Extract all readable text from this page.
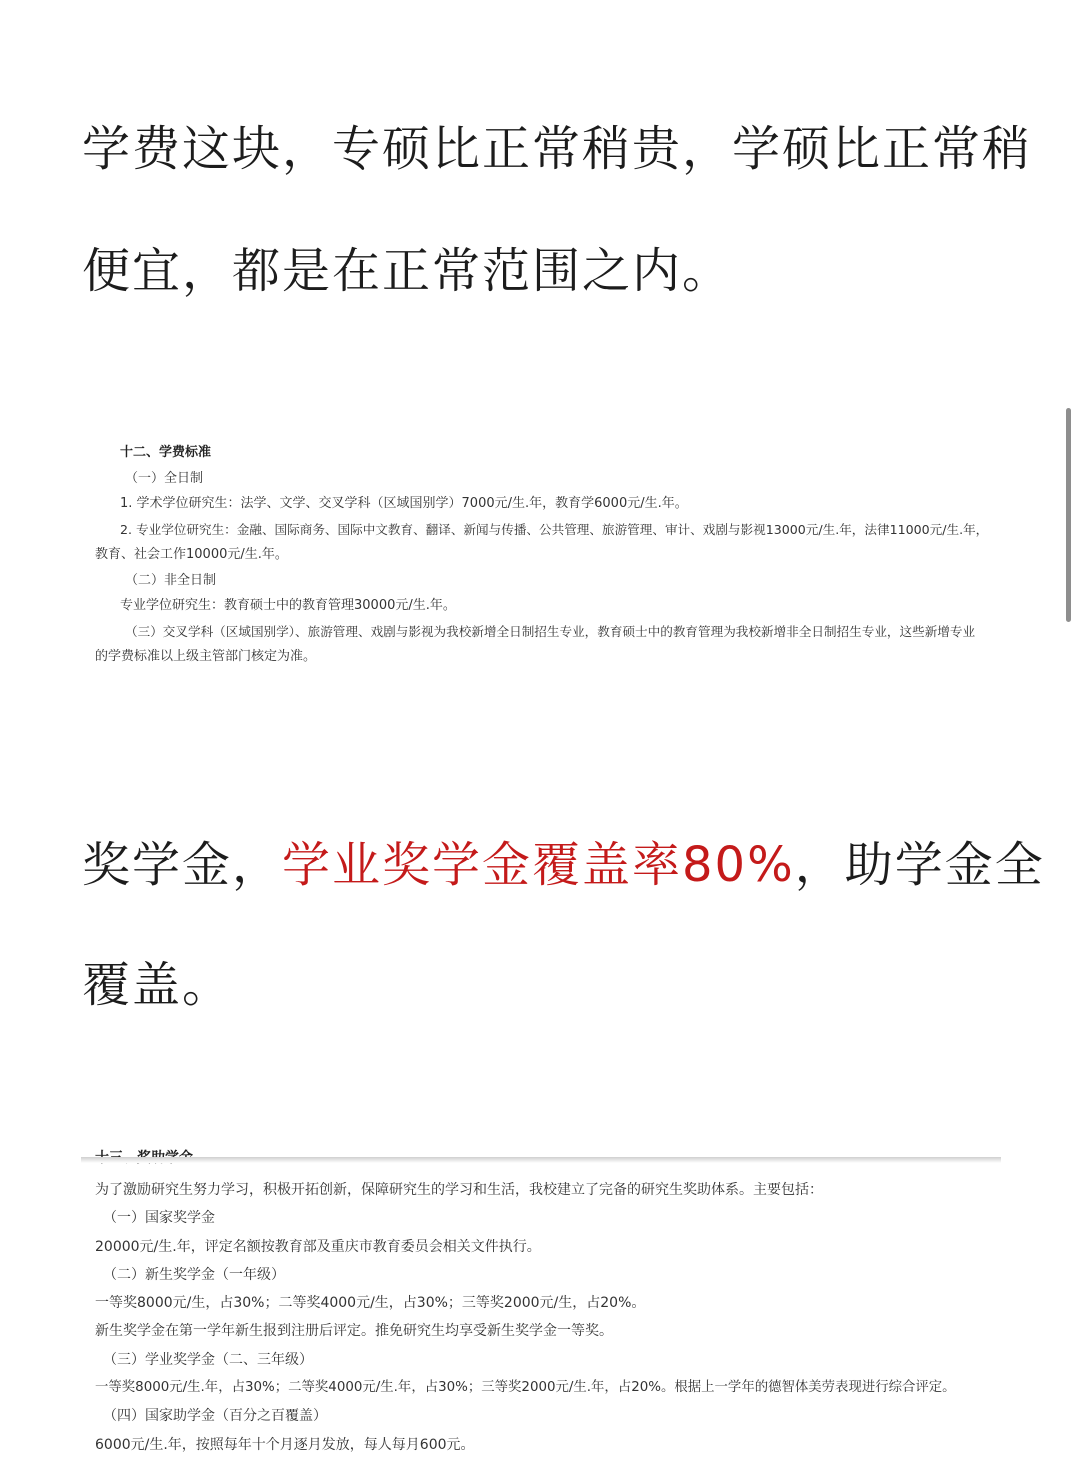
学费这块，专硕比正常稍贵，学硕比正常稍

便宜，都是在正常范围之内。

十二、学费标准
（一）全日制
1. 学术学位研究生：法学、文学、交叉学科（区域国别学）7000元/生.年，教育学6000元/生.年。
2. 专业学位研究生：金融、国际商务、国际中文教育、翻译、新闻与传播、公共管理、旅游管理、审计、戏剧与影视13000元/生.年，法律11000元/生.年，
教育、社会工作10000元/生.年。
（二）非全日制
专业学位研究生：教育硕士中的教育管理30000元/生.年。
（三）交叉学科（区域国别学）、旅游管理、戏剧与影视为我校新增全日制招生专业，教育硕士中的教育管理为我校新增非全日制招生专业，这些新增专业
的学费标准以上级主管部门核定为准。

奖学金，学业奖学金覆盖率80%，助学金全

覆盖。

为了激励研究生努力学习，积极开拓创新，保障研究生的学习和生活，我校建立了完备的研究生奖助体系。主要包括：
（一）国家奖学金
20000元/生.年，评定名额按教育部及重庆市教育委员会相关文件执行。
（二）新生奖学金（一年级）
一等奖8000元/生，占30%；二等奖4000元/生，占30%；三等奖2000元/生，占20%。
新生奖学金在第一学年新生报到注册后评定。推免研究生均享受新生奖学金一等奖。
（三）学业奖学金（二、三年级）
一等奖8000元/生.年，占30%；二等奖4000元/生.年，占30%；三等奖2000元/生.年，占20%。根据上一学年的德智体美劳表现进行综合评定。
（四）国家助学金（百分之百覆盖）
6000元/生.年，按照每年十个月逐月发放，每人每月600元。
